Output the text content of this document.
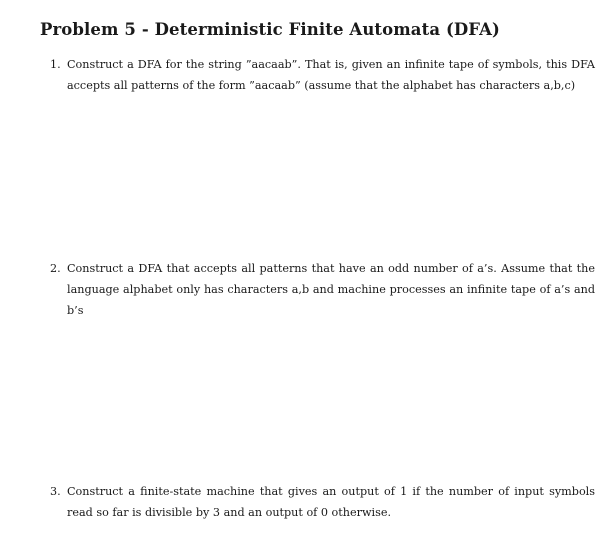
Problem 5 - Deterministic Finite Automata (DFA)
1. Construct a DFA for the string ”aacaab”. That is, given an infinite tape of symbols, this DFA accepts all patterns of the form ”aacaab” (assume that the alphabet has characters a,b,c)
2. Construct a DFA that accepts all patterns that have an odd number of a’s. Assume that the language alphabet only has characters a,b and machine processes an infinite tape of a’s and b’s
3. Construct a finite-state machine that gives an output of 1 if the number of input symbols read so far is divisible by 3 and an output of 0 otherwise.
